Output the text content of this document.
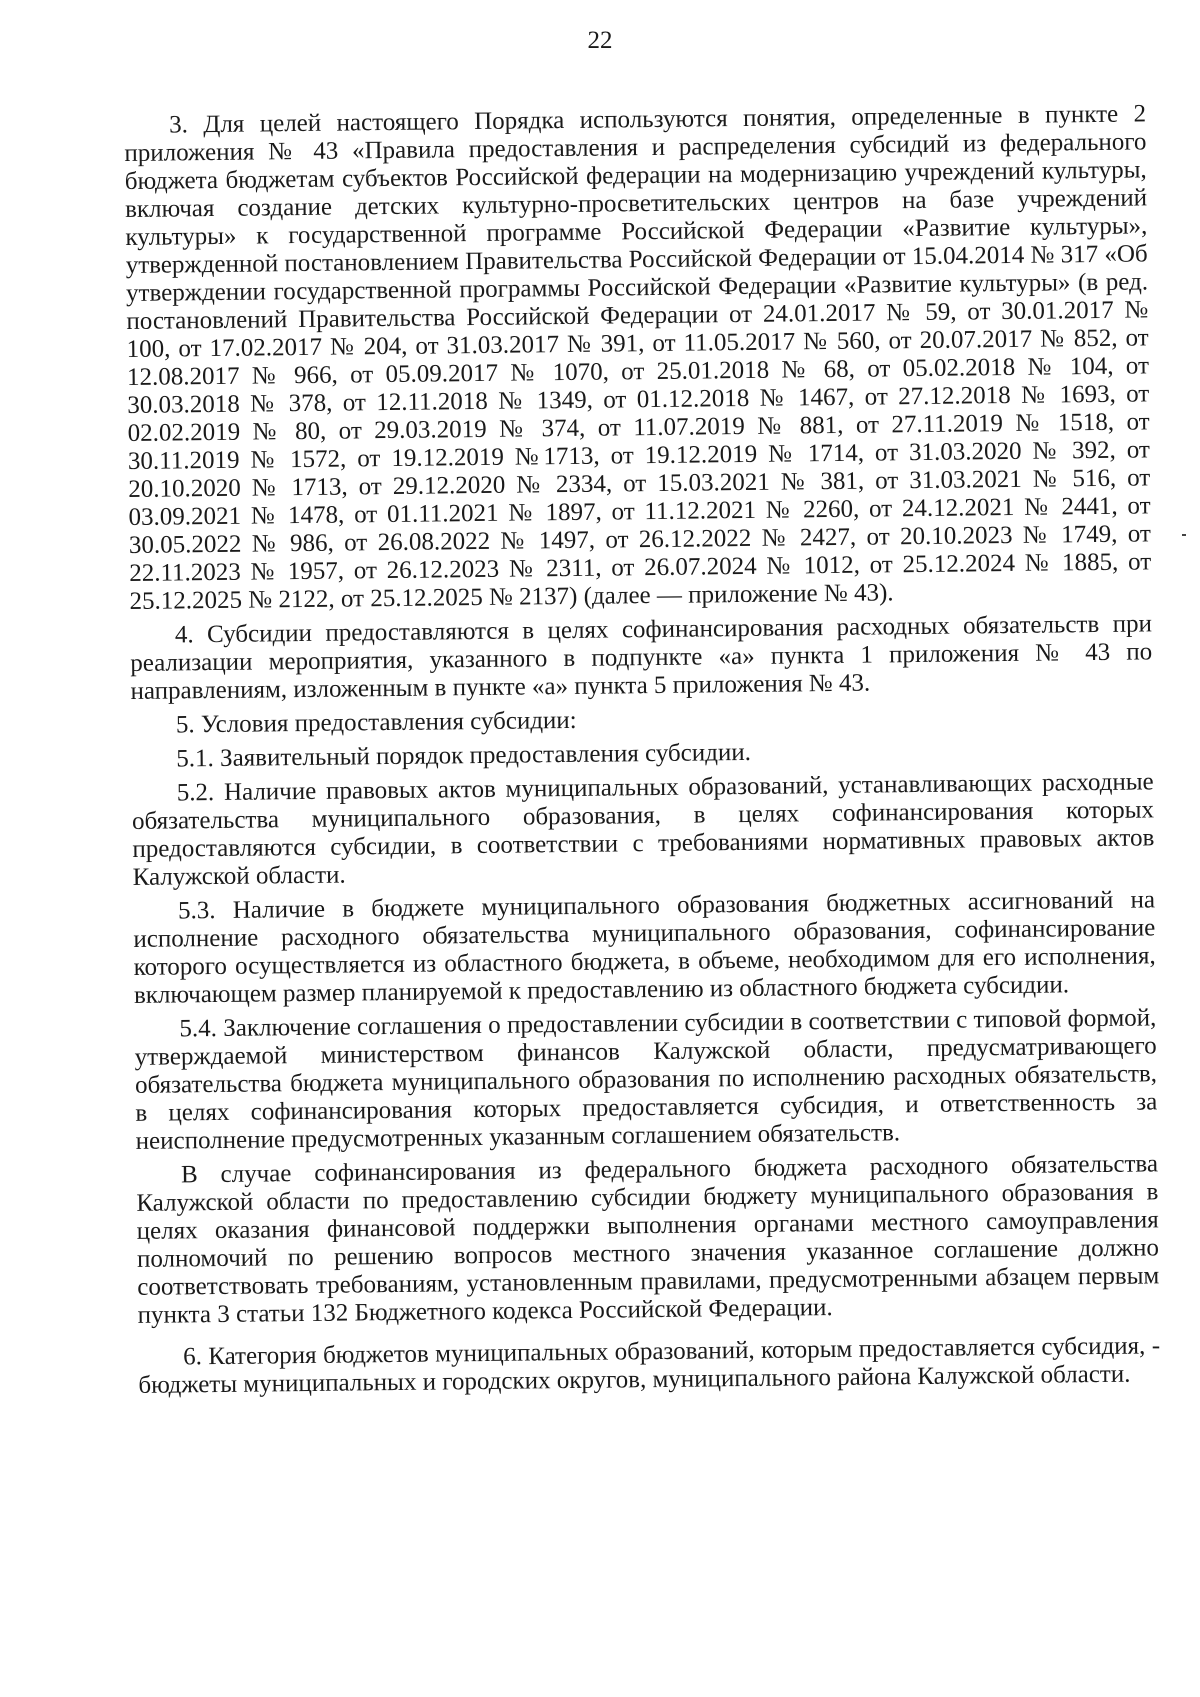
22

3. Для целей настоящего Порядка используются понятия, определенные в пункте 2 приложения № 43 «Правила предоставления и распределения субсидий из федерального бюджета бюджетам субъектов Российской федерации на модернизацию учреждений культуры, включая создание детских культурно-просветительских центров на базе учреждений культуры» к государственной программе Российской Федерации «Развитие культуры», утвержденной постановлением Правительства Российской Федерации от 15.04.2014 № 317 «Об утверждении государственной программы Российской Федерации «Развитие культуры» (в ред. постановлений Правительства Российской Федерации от 24.01.2017 № 59, от 30.01.2017 № 100, от 17.02.2017 № 204, от 31.03.2017 № 391, от 11.05.2017 № 560, от 20.07.2017 № 852, от 12.08.2017 № 966, от 05.09.2017 № 1070, от 25.01.2018 № 68, от 05.02.2018 № 104, от 30.03.2018 № 378, от 12.11.2018 № 1349, от 01.12.2018 № 1467, от 27.12.2018 № 1693, от 02.02.2019 № 80, от 29.03.2019 № 374, от 11.07.2019 № 881, от 27.11.2019 № 1518, от 30.11.2019 № 1572, от 19.12.2019 №1713, от 19.12.2019 № 1714, от 31.03.2020 № 392, от 20.10.2020 № 1713, от 29.12.2020 № 2334, от 15.03.2021 № 381, от 31.03.2021 № 516, от 03.09.2021 № 1478, от 01.11.2021 № 1897, от 11.12.2021 № 2260, от 24.12.2021 № 2441, от 30.05.2022 № 986, от 26.08.2022 № 1497, от 26.12.2022 № 2427, от 20.10.2023 № 1749, от 22.11.2023 № 1957, от 26.12.2023 № 2311, от 26.07.2024 № 1012, от 25.12.2024 № 1885, от 25.12.2025 № 2122, от 25.12.2025 № 2137) (далее — приложение № 43).

4. Субсидии предоставляются в целях софинансирования расходных обязательств при реализации мероприятия, указанного в подпункте «а» пункта 1 приложения № 43 по направлениям, изложенным в пункте «а» пункта 5 приложения № 43.

5. Условия предоставления субсидии:

5.1. Заявительный порядок предоставления субсидии.

5.2. Наличие правовых актов муниципальных образований, устанавливающих расходные обязательства муниципального образования, в целях софинансирования которых предоставляются субсидии, в соответствии с требованиями нормативных правовых актов Калужской области.

5.3. Наличие в бюджете муниципального образования бюджетных ассигнований на исполнение расходного обязательства муниципального образования, софинансирование которого осуществляется из областного бюджета, в объеме, необходимом для его исполнения, включающем размер планируемой к предоставлению из областного бюджета субсидии.

5.4. Заключение соглашения о предоставлении субсидии в соответствии с типовой формой, утверждаемой министерством финансов Калужской области, предусматривающего обязательства бюджета муниципального образования по исполнению расходных обязательств, в целях софинансирования которых предоставляется субсидия, и ответственность за неисполнение предусмотренных указанным соглашением обязательств.

В случае софинансирования из федерального бюджета расходного обязательства Калужской области по предоставлению субсидии бюджету муниципального образования в целях оказания финансовой поддержки выполнения органами местного самоуправления полномочий по решению вопросов местного значения указанное соглашение должно соответствовать требованиям, установленным правилами, предусмотренными абзацем первым пункта 3 статьи 132 Бюджетного кодекса Российской Федерации.

6. Категория бюджетов муниципальных образований, которым предоставляется субсидия, - бюджеты муниципальных и городских округов, муниципального района Калужской области.
